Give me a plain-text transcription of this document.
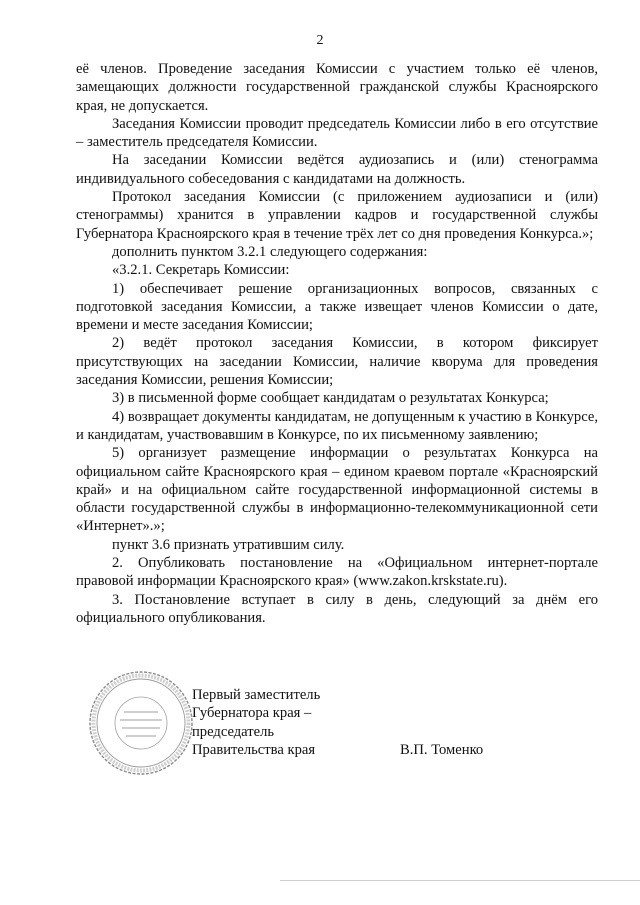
2

её членов. Проведение заседания Комиссии с участием только её членов, замещающих должности государственной гражданской службы Красноярского края, не допускается.

Заседания Комиссии проводит председатель Комиссии либо в его отсутствие – заместитель председателя Комиссии.

На заседании Комиссии ведётся аудиозапись и (или) стенограмма индивидуального собеседования с кандидатами на должность.

Протокол заседания Комиссии (с приложением аудиозаписи и (или) стенограммы) хранится в управлении кадров и государственной службы Губернатора Красноярского края в течение трёх лет со дня проведения Конкурса.»;

дополнить пунктом 3.2.1 следующего содержания:

«3.2.1. Секретарь Комиссии:

1) обеспечивает решение организационных вопросов, связанных с подготовкой заседания Комиссии, а также извещает членов Комиссии о дате, времени и месте заседания Комиссии;

2) ведёт протокол заседания Комиссии, в котором фиксирует присутствующих на заседании Комиссии, наличие кворума для проведения заседания Комиссии, решения Комиссии;

3) в письменной форме сообщает кандидатам о результатах Конкурса;

4) возвращает документы кандидатам, не допущенным к участию в Конкурсе, и кандидатам, участвовавшим в Конкурсе, по их письменному заявлению;

5) организует размещение информации о результатах Конкурса на официальном сайте Красноярского края – едином краевом портале «Красноярский край» и на официальном сайте государственной информационной системы в области государственной службы в информационно-телекоммуникационной сети «Интернет».»;

пункт 3.6 признать утратившим силу.

2. Опубликовать постановление на «Официальном интернет-портале правовой информации Красноярского края» (www.zakon.krskstate.ru).

3. Постановление вступает в силу в день, следующий за днём его официального опубликования.

Первый заместитель
Губернатора края –
председатель
Правительства края	В.П. Томенко
